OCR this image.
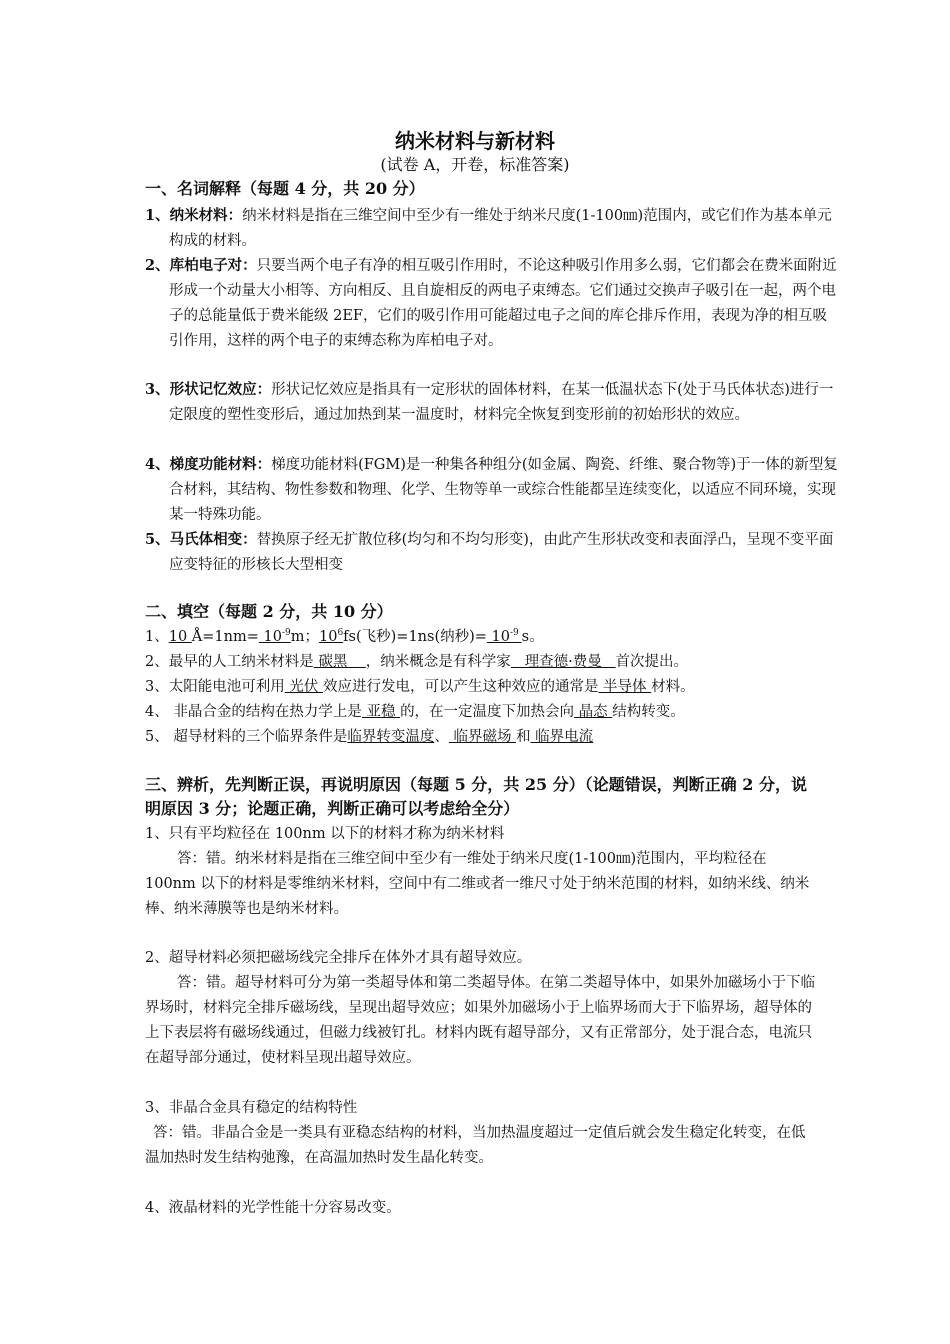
纳米材料与新材料
(试卷 A，开卷，标准答案)
一、名词解释（每题 4 分，共 20 分）
1、纳米材料：纳米材料是指在三维空间中至少有一维处于纳米尺度(1-100㎚)范围内，或它们作为基本单元构成的材料。
2、库柏电子对：只要当两个电子有净的相互吸引作用时，不论这种吸引作用多么弱，它们都会在费米面附近形成一个动量大小相等、方向相反、且自旋相反的两电子束缚态。它们通过交换声子吸引在一起，两个电子的总能量低于费米能级 2EF，它们的吸引作用可能超过电子之间的库仑排斥作用，表现为净的相互吸引作用，这样的两个电子的束缚态称为库柏电子对。
3、形状记忆效应：形状记忆效应是指具有一定形状的固体材料，在某一低温状态下(处于马氏体状态)进行一定限度的塑性变形后，通过加热到某一温度时，材料完全恢复到变形前的初始形状的效应。
4、梯度功能材料：梯度功能材料(FGM)是一种集各种组分(如金属、陶瓷、纤维、聚合物等)于一体的新型复合材料，其结构、物性参数和物理、化学、生物等单一或综合性能都呈连续变化，以适应不同环境，实现某一特殊功能。
5、马氏体相变：替换原子经无扩散位移(均匀和不均匀形变)，由此产生形状改变和表面浮凸，呈现不变平面应变特征的形核长大型相变
二、填空（每题 2 分，共 10 分）
1、10 Å=1nm= $10^{-9}m$；$10^6fs$(飞秒)=1ns(纳秒)= $10^{-9}$ s。
2、最早的人工纳米材料是 碳黑    ，纳米概念是有科学家   理查德·费曼   首次提出。
3、太阳能电池可利用 光伏 效应进行发电，可以产生这种效应的通常是 半导体 材料。
4、 非晶合金的结构在热力学上是 亚稳 的，在一定温度下加热会向 晶态 结构转变。
5、 超导材料的三个临界条件是临界转变温度、 临界磁场 和 临界电流
三、辨析，先判断正误，再说明原因（每题 5 分，共 25 分）（论题错误，判断正确 2 分，说明原因 3 分；论题正确，判断正确可以考虑给全分）
1、只有平均粒径在 100nm 以下的材料才称为纳米材料
答：错。纳米材料是指在三维空间中至少有一维处于纳米尺度(1-100㎚)范围内，平均粒径在 100nm 以下的材料是零维纳米材料，空间中有二维或者一维尺寸处于纳米范围的材料，如纳米线、纳米棒、纳米薄膜等也是纳米材料。
2、超导材料必须把磁场线完全排斥在体外才具有超导效应。
答：错。超导材料可分为第一类超导体和第二类超导体。在第二类超导体中，如果外加磁场小于下临界场时，材料完全排斥磁场线，呈现出超导效应；如果外加磁场小于上临界场而大于下临界场，超导体的上下表层将有磁场线通过，但磁力线被钉扎。材料内既有超导部分，又有正常部分，处于混合态，电流只在超导部分通过，使材料呈现出超导效应。
3、非晶合金具有稳定的结构特性
答：错。非晶合金是一类具有亚稳态结构的材料，当加热温度超过一定值后就会发生稳定化转变，在低温加热时发生结构弛豫，在高温加热时发生晶化转变。
4、液晶材料的光学性能十分容易改变。
